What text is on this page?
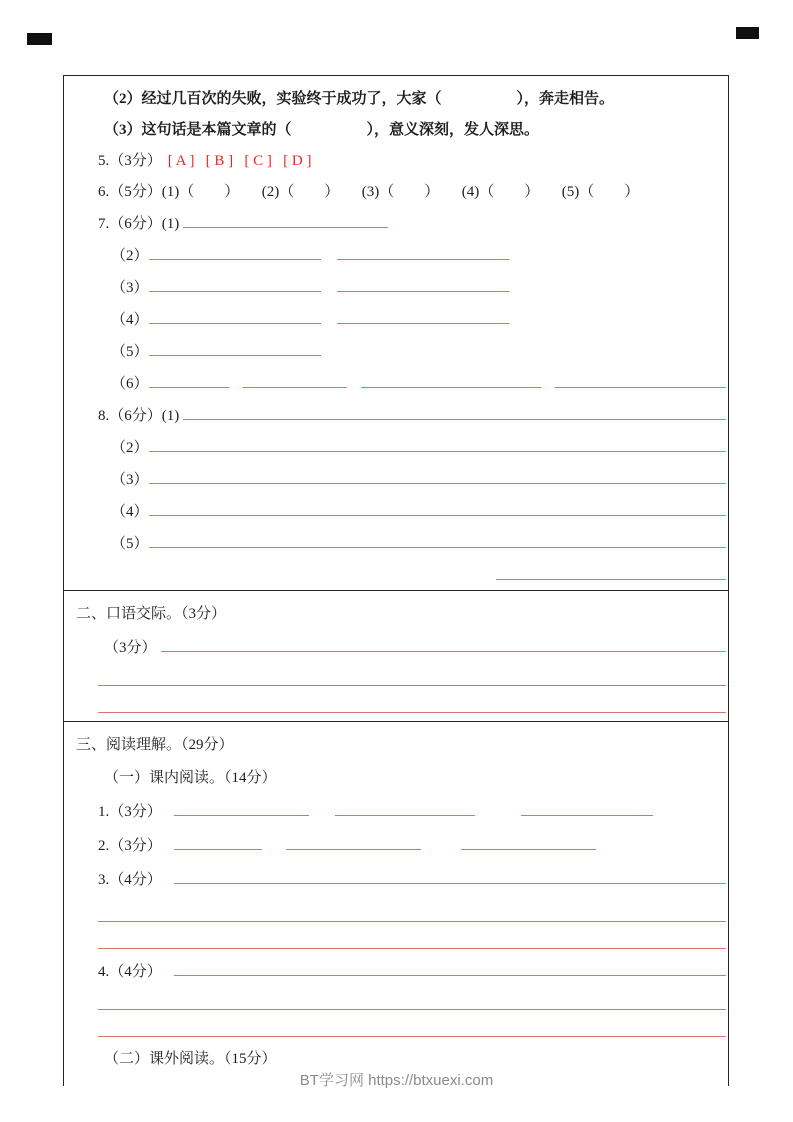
（2）经过几百次的失败，实验终于成功了，大家（　　　　　），奔走相告。
（3）这句话是本篇文章的（　　　　　），意义深刻，发人深思。
5.（3分） [ A ]   [ B ]   [ C ]   [ D ]
6.（5分）(1)（　　）　　(2)（　　）　　(3)（　　）　　(4)（　　）　　(5)（　　）
7.（6分）(1)
（2）
（3）
（4）
（5）
（6）
8.（6分）(1)
（2）
（3）
（4）
（5）
二、口语交际。（3分）
（3分）
三、阅读理解。（29分）
（一）课内阅读。（14分）
1.（3分）
2.（3分）
3.（4分）
4.（4分）
（二）课外阅读。（15分）
BT学习网 https://btxuexi.com
